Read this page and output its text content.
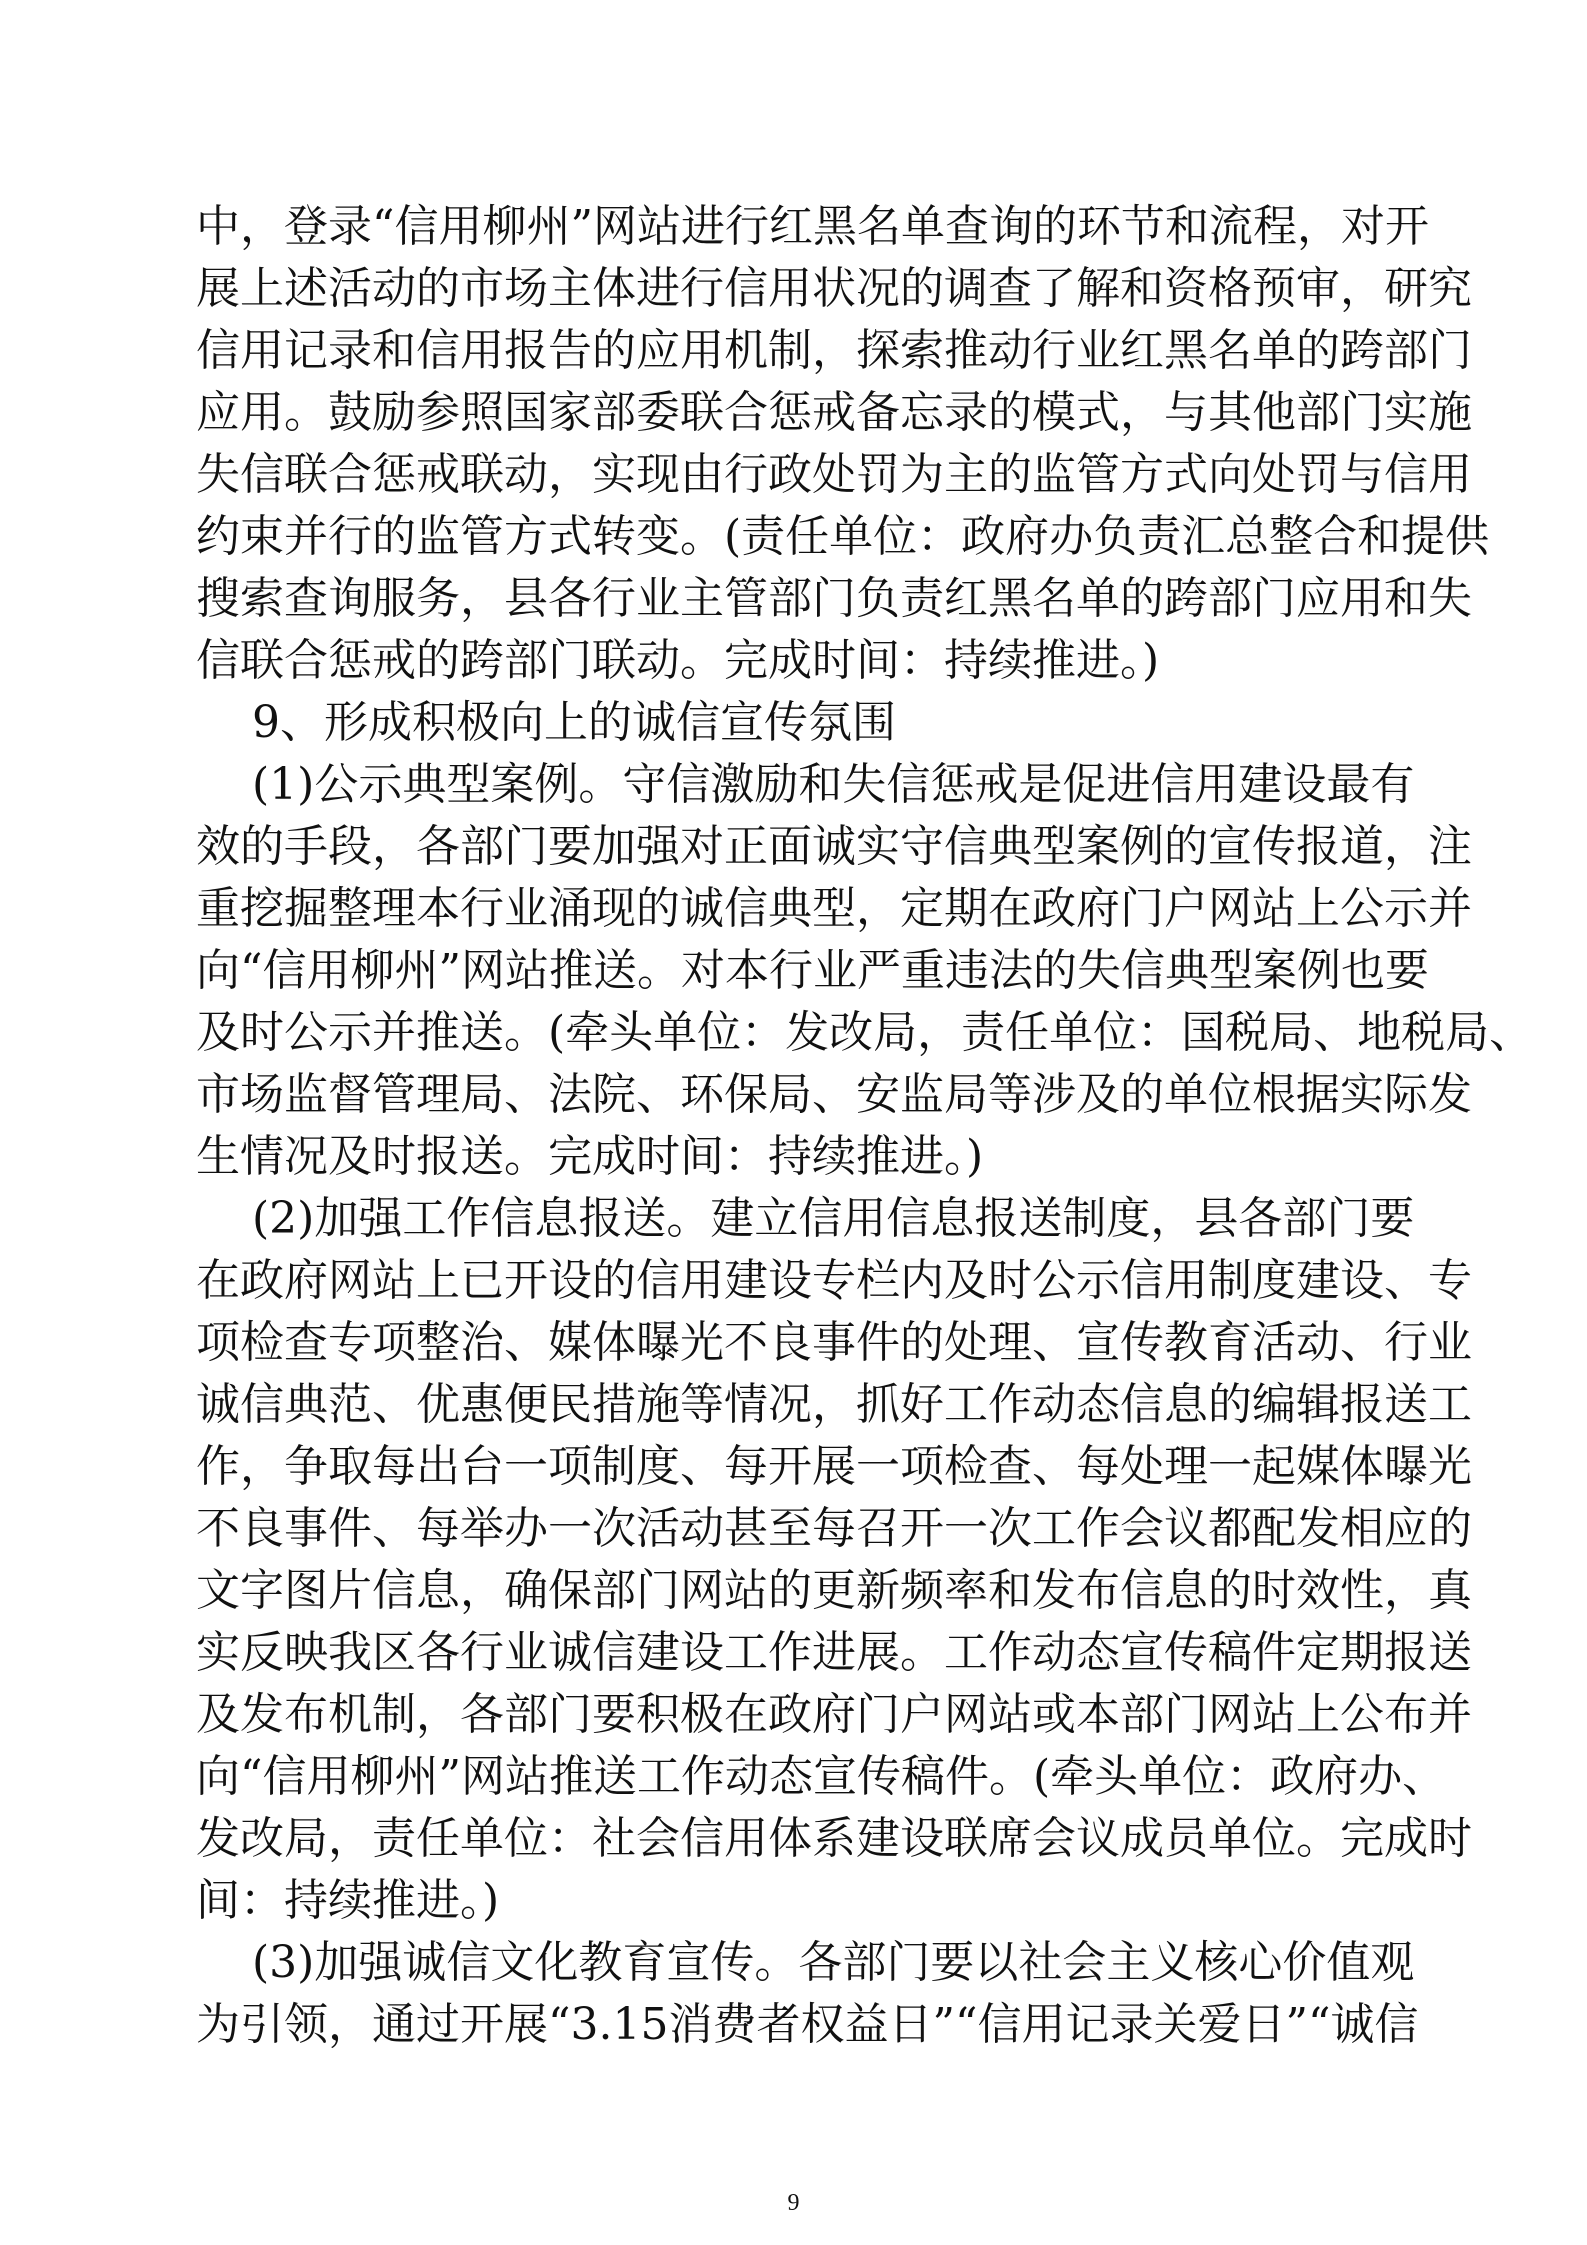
中，登录“信用柳州”网站进行红黑名单查询的环节和流程，对开
展上述活动的市场主体进行信用状况的调查了解和资格预审，研究
信用记录和信用报告的应用机制，探索推动行业红黑名单的跨部门
应用。鼓励参照国家部委联合惩戒备忘录的模式，与其他部门实施
失信联合惩戒联动，实现由行政处罚为主的监管方式向处罚与信用
约束并行的监管方式转变。(责任单位：政府办负责汇总整合和提供
搜索查询服务，县各行业主管部门负责红黑名单的跨部门应用和失
信联合惩戒的跨部门联动。完成时间：持续推进。)
9、形成积极向上的诚信宣传氛围
(1)公示典型案例。守信激励和失信惩戒是促进信用建设最有
效的手段，各部门要加强对正面诚实守信典型案例的宣传报道，注
重挖掘整理本行业涌现的诚信典型，定期在政府门户网站上公示并
向“信用柳州”网站推送。对本行业严重违法的失信典型案例也要
及时公示并推送。(牵头单位：发改局，责任单位：国税局、地税局、
市场监督管理局、法院、环保局、安监局等涉及的单位根据实际发
生情况及时报送。完成时间：持续推进。)
(2)加强工作信息报送。建立信用信息报送制度，县各部门要
在政府网站上已开设的信用建设专栏内及时公示信用制度建设、专
项检查专项整治、媒体曝光不良事件的处理、宣传教育活动、行业
诚信典范、优惠便民措施等情况，抓好工作动态信息的编辑报送工
作，争取每出台一项制度、每开展一项检查、每处理一起媒体曝光
不良事件、每举办一次活动甚至每召开一次工作会议都配发相应的
文字图片信息，确保部门网站的更新频率和发布信息的时效性，真
实反映我区各行业诚信建设工作进展。工作动态宣传稿件定期报送
及发布机制，各部门要积极在政府门户网站或本部门网站上公布并
向“信用柳州”网站推送工作动态宣传稿件。(牵头单位：政府办、
发改局，责任单位：社会信用体系建设联席会议成员单位。完成时
间：持续推进。)
(3)加强诚信文化教育宣传。各部门要以社会主义核心价值观
为引领，通过开展“3.15消费者权益日”“信用记录关爱日”“诚信
9
